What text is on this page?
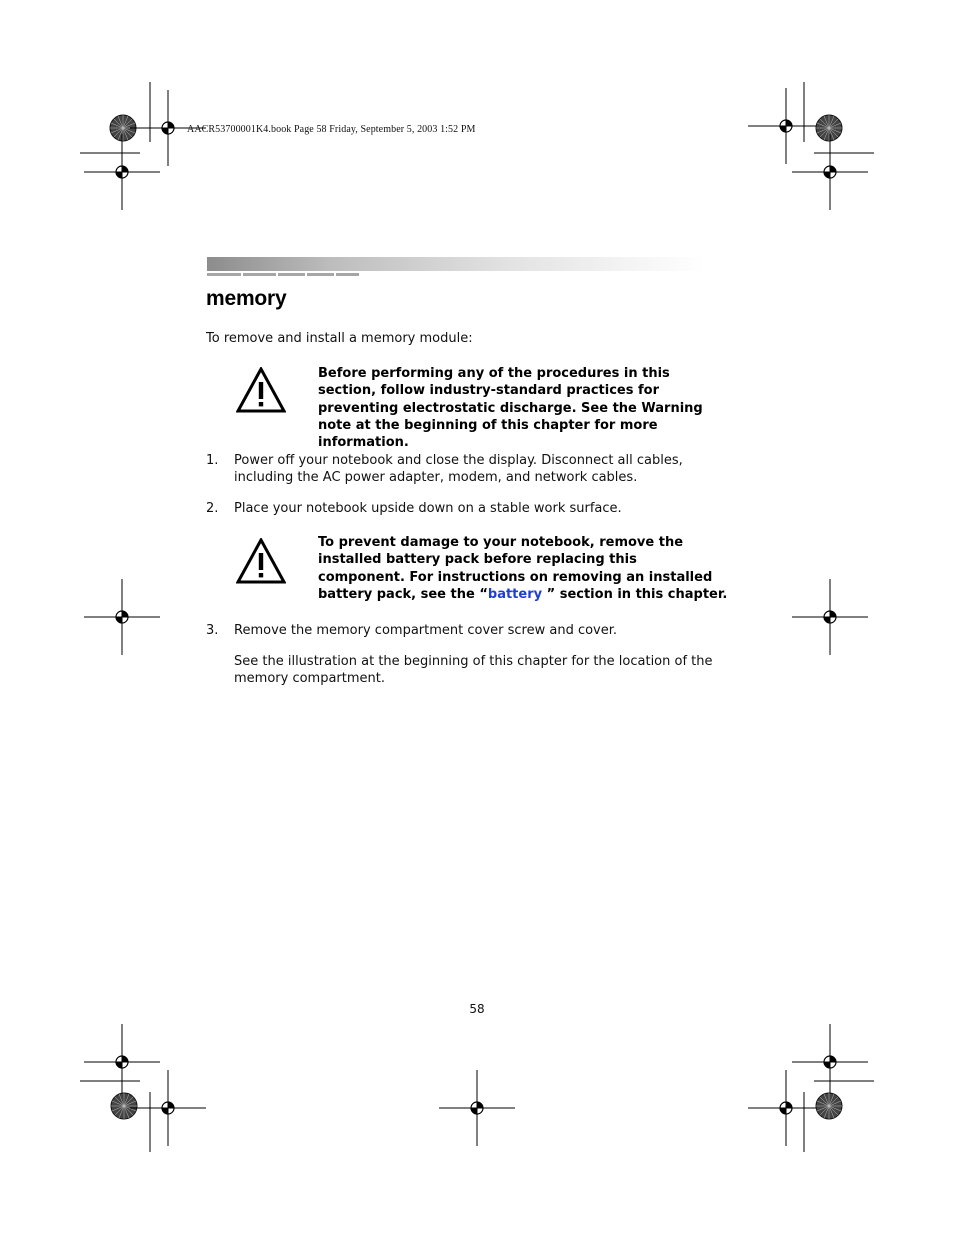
AACR53700001K4.book Page 58 Friday, September 5, 2003 1:52 PM
memory
To remove and install a memory module:
Before performing any of the procedures in this section, follow industry-standard practices for preventing electrostatic discharge. See the Warning note at the beginning of this chapter for more information.
1. Power off your notebook and close the display. Disconnect all cables, including the AC power adapter, modem, and network cables.
2. Place your notebook upside down on a stable work surface.
To prevent damage to your notebook, remove the installed battery pack before replacing this component. For instructions on removing an installed battery pack, see the “battery ” section in this chapter.
3. Remove the memory compartment cover screw and cover.
See the illustration at the beginning of this chapter for the location of the memory compartment.
58
